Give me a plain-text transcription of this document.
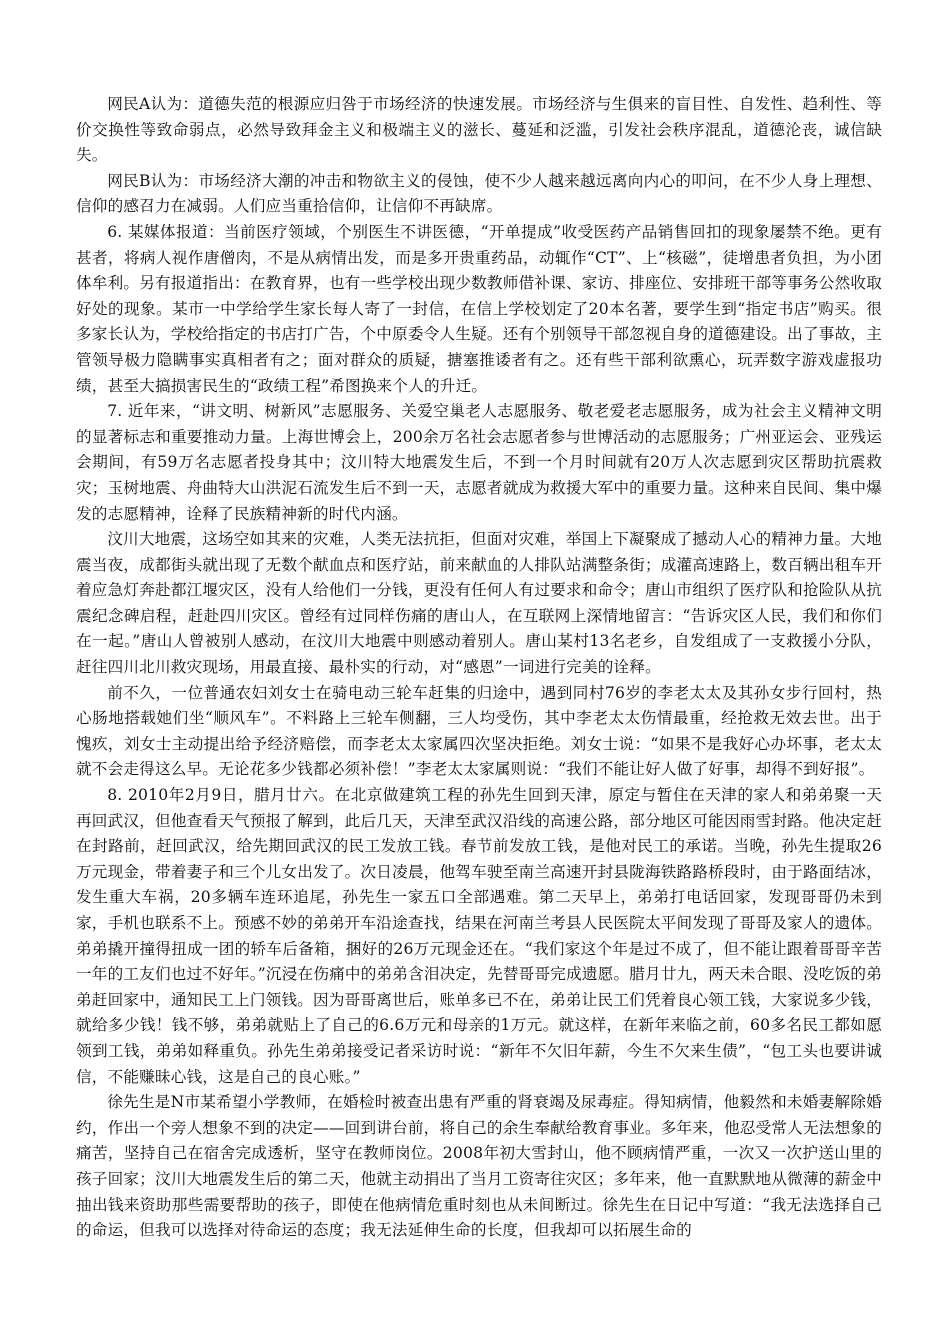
网民A认为：道德失范的根源应归咎于市场经济的快速发展。市场经济与生俱来的盲目性、自发性、趋利性、等价交换性等致命弱点，必然导致拜金主义和极端主义的滋长、蔓延和泛滥，引发社会秩序混乱，道德沦丧，诚信缺失。

网民B认为：市场经济大潮的冲击和物欲主义的侵蚀，使不少人越来越远离向内心的叩问，在不少人身上理想、信仰的感召力在减弱。人们应当重拾信仰，让信仰不再缺席。

6. 某媒体报道：当前医疗领域，个别医生不讲医德，“开单提成”收受医药产品销售回扣的现象屡禁不绝。更有甚者，将病人视作唐僧肉，不是从病情出发，而是多开贵重药品，动辄作“CT”、上“核磁”，徒增患者负担，为小团体牟利。另有报道指出：在教育界，也有一些学校出现少数教师借补课、家访、排座位、安排班干部等事务公然收取好处的现象。某市一中学给学生家长每人寄了一封信，在信上学校划定了20本名著，要学生到“指定书店”购买。很多家长认为，学校给指定的书店打广告，个中原委令人生疑。还有个别领导干部忽视自身的道德建设。出了事故，主管领导极力隐瞒事实真相者有之；面对群众的质疑，搪塞推诿者有之。还有些干部利欲熏心，玩弄数字游戏虚报功绩，甚至大搞损害民生的“政绩工程”希图换来个人的升迁。

7. 近年来，“讲文明、树新风”志愿服务、关爱空巢老人志愿服务、敬老爱老志愿服务，成为社会主义精神文明的显著标志和重要推动力量。上海世博会上，200余万名社会志愿者参与世博活动的志愿服务；广州亚运会、亚残运会期间，有59万名志愿者投身其中；汶川特大地震发生后，不到一个月时间就有20万人次志愿到灾区帮助抗震救灾；玉树地震、舟曲特大山洪泥石流发生后不到一天，志愿者就成为救援大军中的重要力量。这种来自民间、集中爆发的志愿精神，诠释了民族精神新的时代内涵。

汶川大地震，这场空如其来的灾难，人类无法抗拒，但面对灾难，举国上下凝聚成了撼动人心的精神力量。大地震当夜，成都街头就出现了无数个献血点和医疗站，前来献血的人排队站满整条街；成灌高速路上，数百辆出租车开着应急灯奔赴都江堰灾区，没有人给他们一分钱，更没有任何人有过要求和命令；唐山市组织了医疗队和抢险队从抗震纪念碑启程，赶赴四川灾区。曾经有过同样伤痛的唐山人，在互联网上深情地留言：“告诉灾区人民，我们和你们在一起。”唐山人曾被别人感动，在汶川大地震中则感动着别人。唐山某村13名老乡，自发组成了一支救援小分队，赶往四川北川救灾现场，用最直接、最朴实的行动，对“感恩”一词进行完美的诠释。

前不久，一位普通农妇刘女士在骑电动三轮车赶集的归途中，遇到同村76岁的李老太太及其孙女步行回村，热心肠地搭载她们坐“顺风车”。不料路上三轮车侧翻，三人均受伤，其中李老太太伤情最重，经抢救无效去世。出于愧疚，刘女士主动提出给予经济赔偿，而李老太太家属四次坚决拒绝。刘女士说：“如果不是我好心办坏事，老太太就不会走得这么早。无论花多少钱都必须补偿！”李老太太家属则说：“我们不能让好人做了好事，却得不到好报”。

8. 2010年2月9日，腊月廿六。在北京做建筑工程的孙先生回到天津，原定与暂住在天津的家人和弟弟聚一天再回武汉，但他查看天气预报了解到，此后几天，天津至武汉沿线的高速公路，部分地区可能因雨雪封路。他决定赶在封路前，赶回武汉，给先期回武汉的民工发放工钱。春节前发放工钱，是他对民工的承诺。当晚，孙先生提取26万元现金，带着妻子和三个儿女出发了。次日凌晨，他驾车驶至南兰高速开封县陇海铁路路桥段时，由于路面结冰，发生重大车祸，20多辆车连环追尾，孙先生一家五口全部遇难。第二天早上，弟弟打电话回家，发现哥哥仍未到家，手机也联系不上。预感不妙的弟弟开车沿途查找，结果在河南兰考县人民医院太平间发现了哥哥及家人的遗体。弟弟撬开撞得扭成一团的轿车后备箱，捆好的26万元现金还在。“我们家这个年是过不成了，但不能让跟着哥哥辛苦一年的工友们也过不好年。”沉浸在伤痛中的弟弟含泪决定，先替哥哥完成遗愿。腊月廿九，两天未合眼、没吃饭的弟弟赶回家中，通知民工上门领钱。因为哥哥离世后，账单多已不在，弟弟让民工们凭着良心领工钱，大家说多少钱，就给多少钱！钱不够，弟弟就贴上了自己的6.6万元和母亲的1万元。就这样，在新年来临之前，60多名民工都如愿领到工钱，弟弟如释重负。孙先生弟弟接受记者采访时说：“新年不欠旧年薪，今生不欠来生债”，“包工头也要讲诚信，不能赚昧心钱，这是自己的良心账。”

徐先生是N市某希望小学教师，在婚检时被查出患有严重的肾衰竭及尿毒症。得知病情，他毅然和未婚妻解除婚约，作出一个旁人想象不到的决定——回到讲台前，将自己的余生奉献给教育事业。多年来，他忍受常人无法想象的痛苦，坚持自己在宿舍完成透析，坚守在教师岗位。2008年初大雪封山，他不顾病情严重，一次又一次护送山里的孩子回家；汶川大地震发生后的第二天，他就主动捐出了当月工资寄往灾区；多年来，他一直默默地从微薄的薪金中抽出钱来资助那些需要帮助的孩子，即使在他病情危重时刻也从未间断过。徐先生在日记中写道：“我无法选择自己的命运，但我可以选择对待命运的态度；我无法延伸生命的长度，但我却可以拓展生命的
